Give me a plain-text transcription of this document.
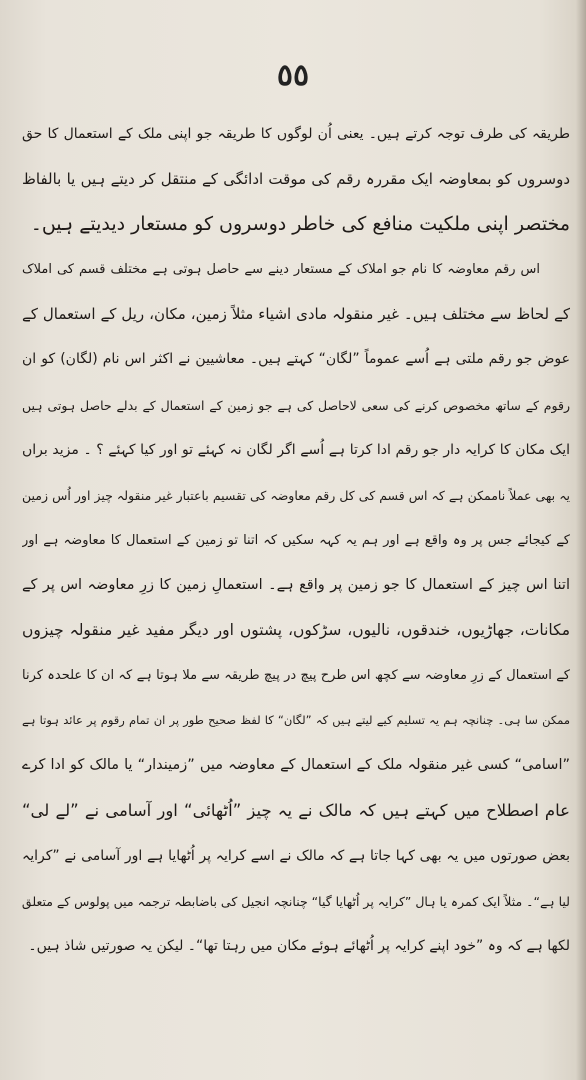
٥٥
طریقہ کی طرف توجہ کرتے ہیں۔ یعنی اُن لوگوں کا طریقہ جو اپنی ملک کے استعمال کا حق
دوسروں کو بمعاوضہ ایک مقررہ رقم کی موقت ادائگی کے منتقل کر دیتے ہیں یا بالفاظ
مختصر اپنی ملکیت منافع کی خاطر دوسروں کو مستعار دیدیتے ہیں۔
اس رقم معاوضہ کا نام جو املاک کے مستعار دینے سے حاصل ہوتی ہے مختلف قسم کی املاک
کے لحاظ سے مختلف ہیں۔ غیر منقولہ مادی اشیاء مثلاً زمین، مکان، ریل کے استعمال کے
عوض جو رقم ملتی ہے اُسے عموماً ”لگان“ کہتے ہیں۔ معاشیین نے اکثر اس نام (لگان) کو ان
رقوم کے ساتھ مخصوص کرنے کی سعی لاحاصل کی ہے جو زمین کے استعمال کے بدلے حاصل ہوتی ہیں
ایک مکان کا کرایہ دار جو رقم ادا کرتا ہے اُسے اگر لگان نہ کہئے تو اور کیا کہئے ؟ ۔ مزید براں
یہ بھی عملاً ناممکن ہے کہ اس قسم کی کل رقم معاوضہ کی تقسیم باعتبار غیر منقولہ چیز اور اُس زمین
کے کیجائے جس پر وہ واقع ہے اور ہم یہ کہہ سکیں کہ اتنا تو زمین کے استعمال کا معاوضہ ہے اور
اتنا اس چیز کے استعمال کا جو زمین پر واقع ہے۔ استعمالِ زمین کا زرِ معاوضہ اس پر کے
مکانات، جھاڑیوں، خندقوں، نالیوں، سڑکوں، پشتوں اور دیگر مفید غیر منقولہ چیزوں
کے استعمال کے زرِ معاوضہ سے کچھ اس طرح پیچ در پیچ طریقہ سے ملا ہوتا ہے کہ ان کا علحدہ کرنا
ممکن سا ہی۔ چنانچہ ہم یہ تسلیم کیے لیتے ہیں کہ ”لگان“ کا لفظ صحیح طور پر ان تمام رقوم پر عائد ہوتا ہے
”اسامی“ کسی غیر منقولہ ملک کے استعمال کے معاوضہ میں ”زمیندار“ یا مالک کو ادا کرے
عام اصطلاح میں کہتے ہیں کہ مالک نے یہ چیز ”اُٹھائی“ اور آسامی نے ”لے لی“
بعض صورتوں میں یہ بھی کہا جاتا ہے کہ مالک نے اسے کرایہ پر اُٹھایا ہے اور آسامی نے ”کرایہ
لیا ہے“۔ مثلاً ایک کمرہ یا ہال ”کرایہ پر اُٹھایا گیا“ چنانچہ انجیل کی باضابطہ ترجمہ میں پولوس کے متعلق
لکھا ہے کہ وہ ”خود اپنے کرایہ پر اُٹھائے ہوئے مکان میں رہتا تھا“۔ لیکن یہ صورتیں شاذ ہیں۔
